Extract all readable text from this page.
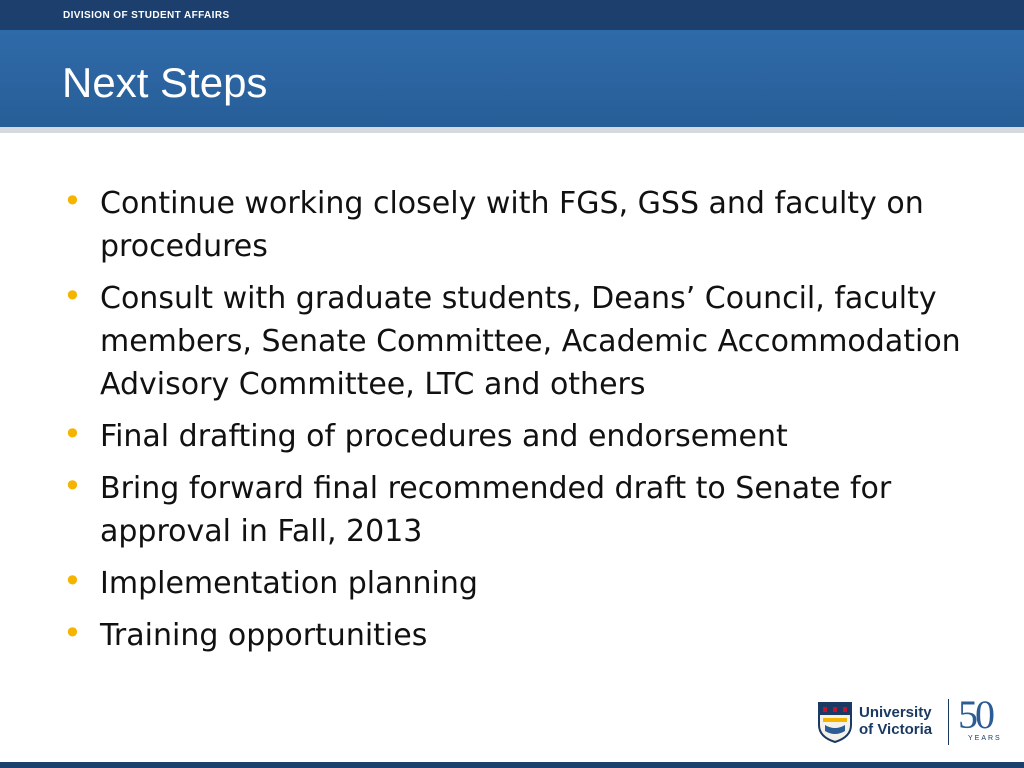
DIVISION OF STUDENT AFFAIRS
Next Steps
• Continue working closely with FGS, GSS and faculty on procedures
• Consult with graduate students, Deans’ Council, faculty members, Senate Committee, Academic Accommodation Advisory Committee, LTC and others
• Final drafting of procedures and endorsement
• Bring forward final recommended draft to Senate for approval in Fall, 2013
• Implementation planning
• Training opportunities
University
of Victoria 50
YEARS
